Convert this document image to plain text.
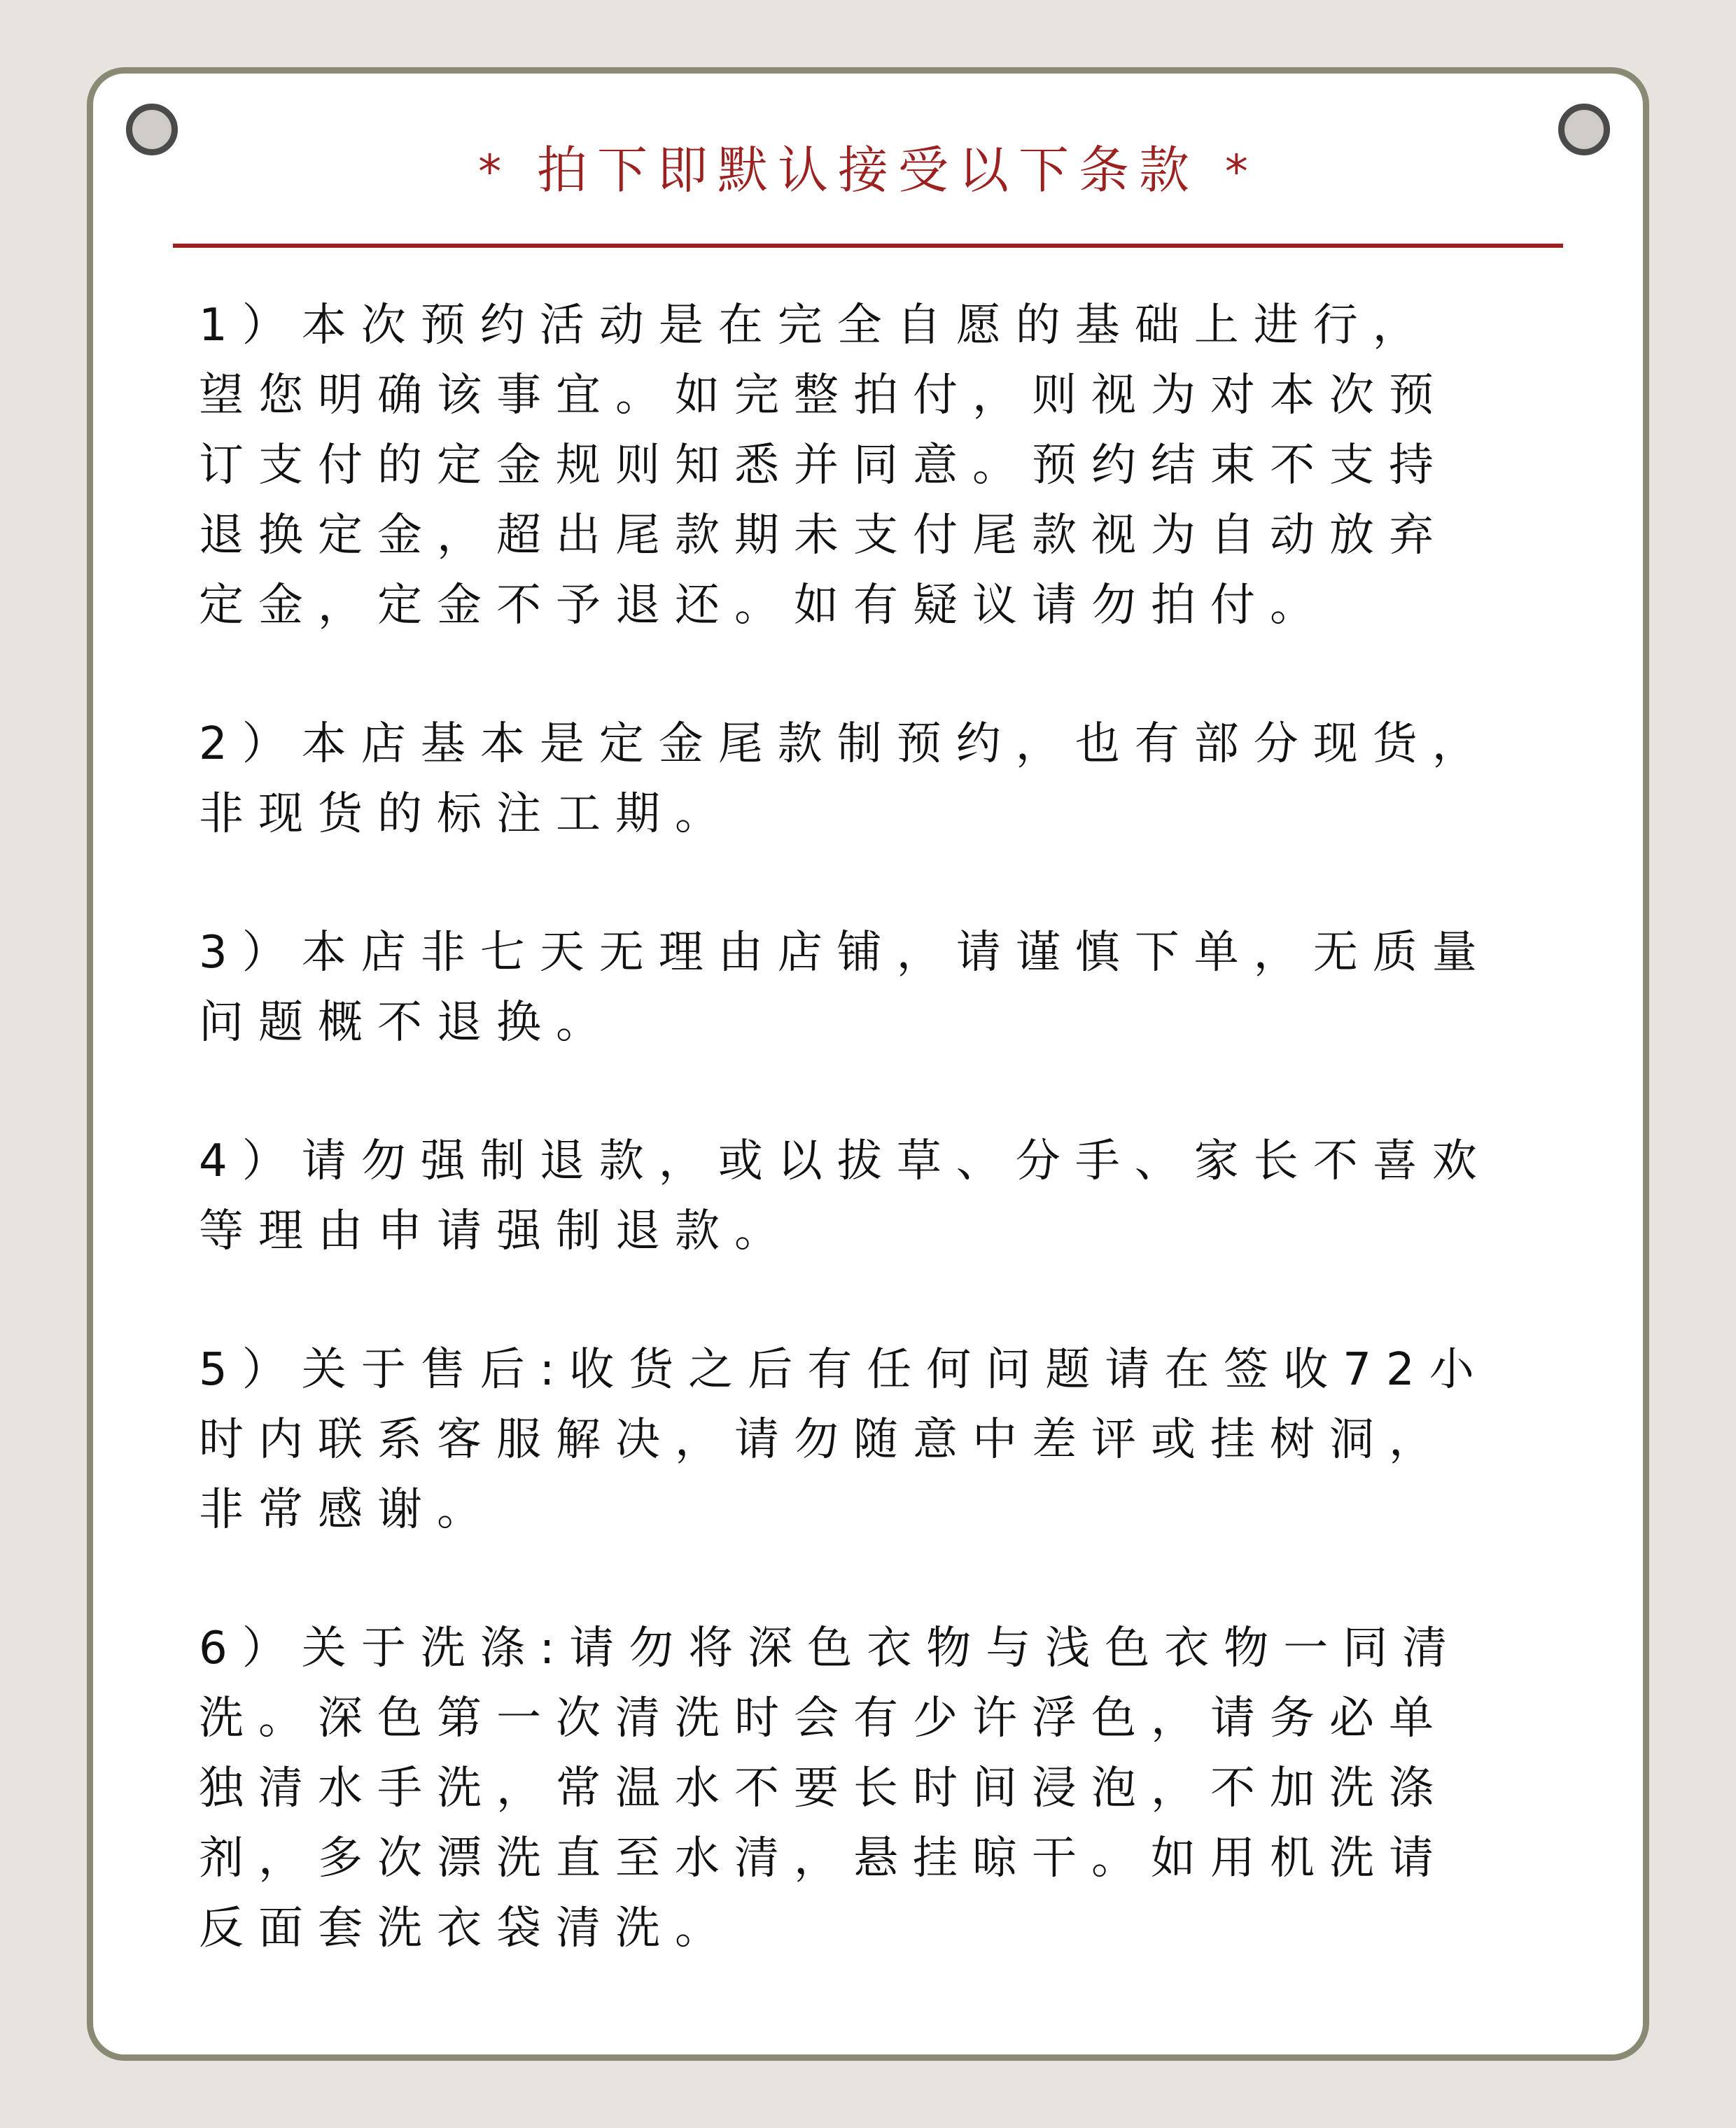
* 拍下即默认接受以下条款 *
1）本次预约活动是在完全自愿的基础上进行，
望您明确该事宜。如完整拍付，则视为对本次预
订支付的定金规则知悉并同意。预约结束不支持
退换定金，超出尾款期未支付尾款视为自动放弃
定金，定金不予退还。如有疑议请勿拍付。
2）本店基本是定金尾款制预约，也有部分现货，
非现货的标注工期。
3）本店非七天无理由店铺，请谨慎下单，无质量
问题概不退换。
4）请勿强制退款，或以拔草、分手、家长不喜欢
等理由申请强制退款。
5）关于售后:收货之后有任何问题请在签收72小
时内联系客服解决，请勿随意中差评或挂树洞，
非常感谢。
6）关于洗涤:请勿将深色衣物与浅色衣物一同清
洗。深色第一次清洗时会有少许浮色，请务必单
独清水手洗，常温水不要长时间浸泡，不加洗涤
剂，多次漂洗直至水清，悬挂晾干。如用机洗请
反面套洗衣袋清洗。
